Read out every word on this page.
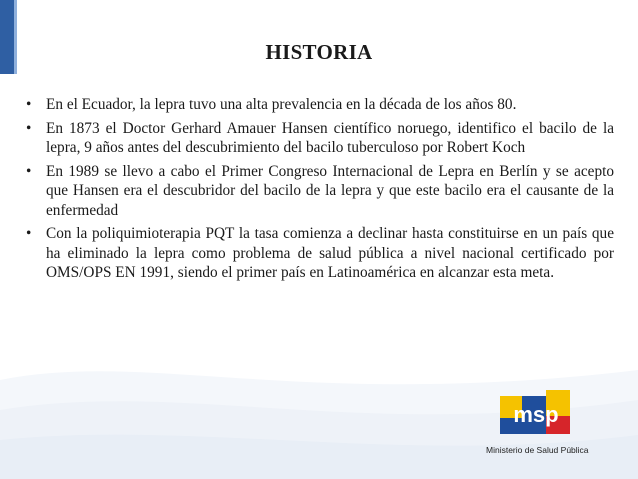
HISTORIA
• En el Ecuador, la lepra tuvo una alta prevalencia en la década de los años 80.
• En 1873 el Doctor Gerhard Amauer Hansen científico noruego, identifico el bacilo de la lepra, 9 años antes del descubrimiento del bacilo tuberculoso por Robert Koch
• En 1989 se llevo a cabo el Primer Congreso Internacional de Lepra en Berlín y se acepto que Hansen era el descubridor del bacilo de la lepra y que este bacilo era el causante de la enfermedad
• Con la poliquimioterapia PQT la tasa comienza a declinar hasta constituirse en un país que ha eliminado la lepra como problema de salud pública a nivel nacional certificado por OMS/OPS EN 1991, siendo el primer país en Latinoamérica en alcanzar esta meta.
msp
Ministerio de Salud Pública
